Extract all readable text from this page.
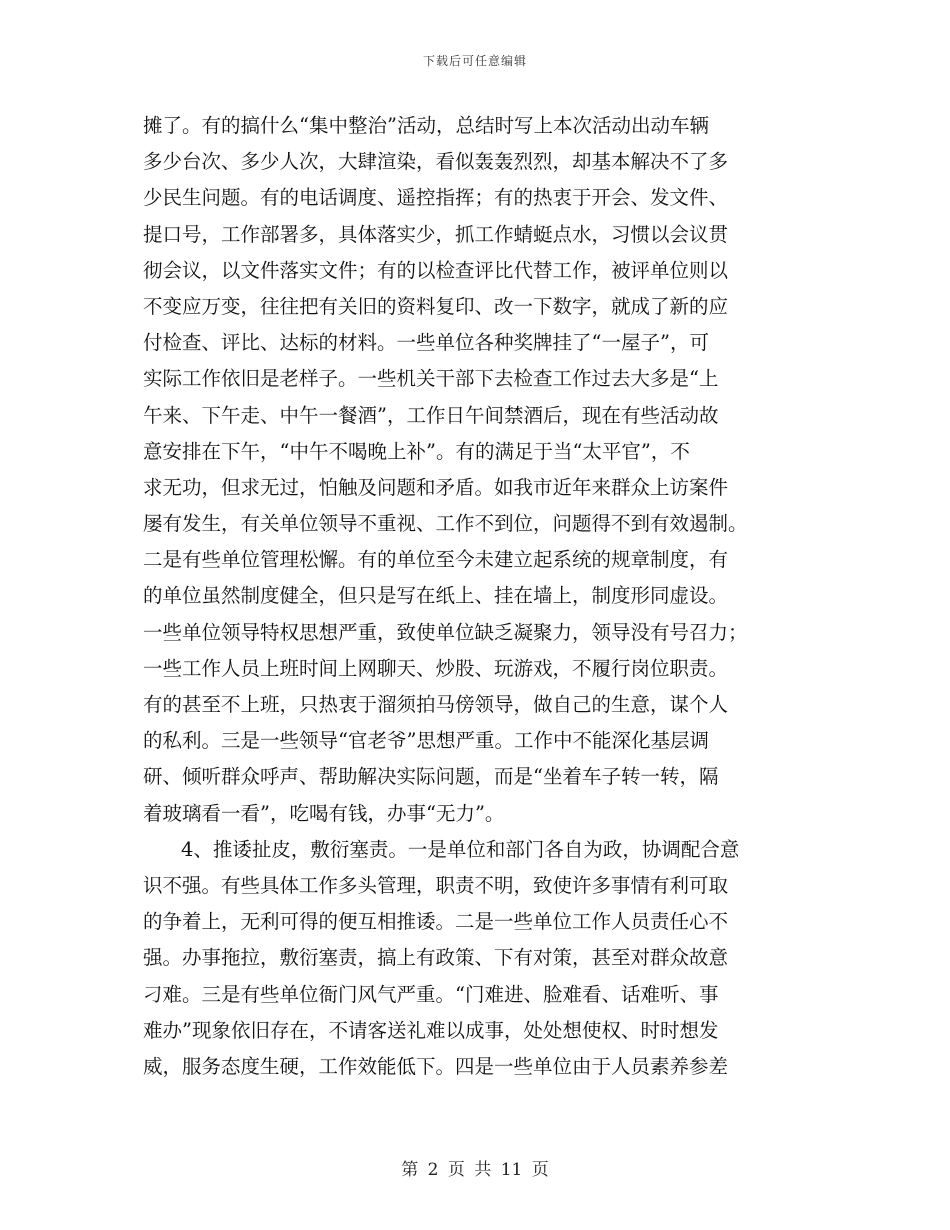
下载后可任意编辑
摊了。有的搞什么“集中整治”活动，总结时写上本次活动出动车辆
多少台次、多少人次，大肆渲染，看似轰轰烈烈，却基本解决不了多
少民生问题。有的电话调度、遥控指挥；有的热衷于开会、发文件、
提口号，工作部署多，具体落实少，抓工作蜻蜓点水，习惯以会议贯
彻会议，以文件落实文件；有的以检查评比代替工作，被评单位则以
不变应万变，往往把有关旧的资料复印、改一下数字，就成了新的应
付检查、评比、达标的材料。一些单位各种奖牌挂了“一屋子”，可
实际工作依旧是老样子。一些机关干部下去检查工作过去大多是“上
午来、下午走、中午一餐酒”，工作日午间禁酒后，现在有些活动故
意安排在下午，“中午不喝晚上补”。有的满足于当“太平官”，不
求无功，但求无过，怕触及问题和矛盾。如我市近年来群众上访案件
屡有发生，有关单位领导不重视、工作不到位，问题得不到有效遏制。
二是有些单位管理松懈。有的单位至今未建立起系统的规章制度，有
的单位虽然制度健全，但只是写在纸上、挂在墙上，制度形同虚设。
一些单位领导特权思想严重，致使单位缺乏凝聚力，领导没有号召力；
一些工作人员上班时间上网聊天、炒股、玩游戏，不履行岗位职责。
有的甚至不上班，只热衷于溜须拍马傍领导，做自己的生意，谋个人
的私利。三是一些领导“官老爷”思想严重。工作中不能深化基层调
研、倾听群众呼声、帮助解决实际问题，而是“坐着车子转一转，隔
着玻璃看一看”，吃喝有钱，办事“无力”。
4、推诿扯皮，敷衍塞责。一是单位和部门各自为政，协调配合意
识不强。有些具体工作多头管理，职责不明，致使许多事情有利可取
的争着上，无利可得的便互相推诿。二是一些单位工作人员责任心不
强。办事拖拉，敷衍塞责，搞上有政策、下有对策，甚至对群众故意
刁难。三是有些单位衙门风气严重。“门难进、脸难看、话难听、事
难办”现象依旧存在，不请客送礼难以成事，处处想使权、时时想发
威，服务态度生硬，工作效能低下。四是一些单位由于人员素养参差
第 2 页 共 11 页
